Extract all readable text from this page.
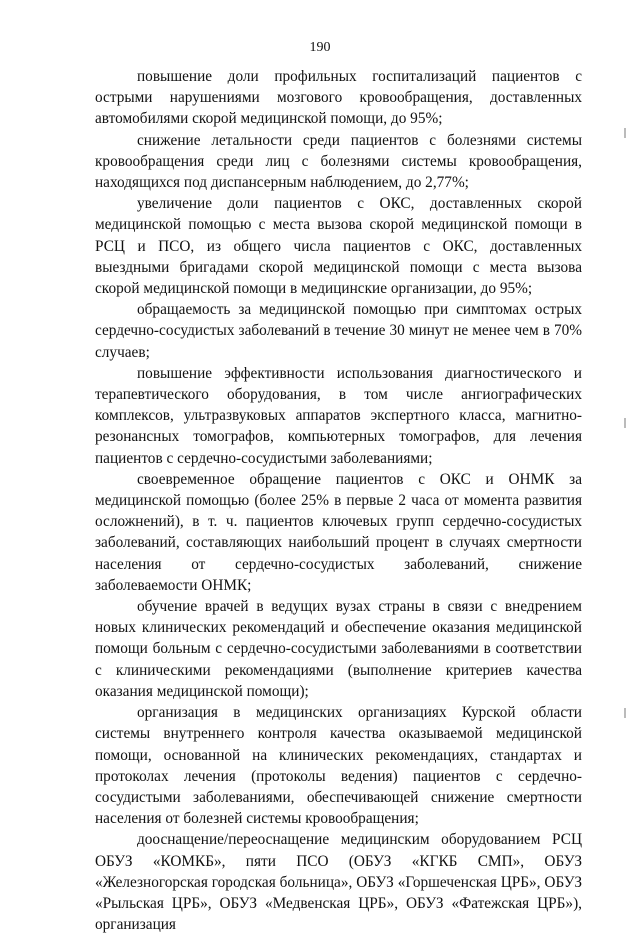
190

повышение доли профильных госпитализаций пациентов с острыми нарушениями мозгового кровообращения, доставленных автомобилями скорой медицинской помощи, до 95%;

снижение летальности среди пациентов с болезнями системы кровообращения среди лиц с болезнями системы кровообращения, находящихся под диспансерным наблюдением, до 2,77%;

увеличение доли пациентов с ОКС, доставленных скорой медицинской помощью с места вызова скорой медицинской помощи в РСЦ и ПСО, из общего числа пациентов с ОКС, доставленных выездными бригадами скорой медицинской помощи с места вызова скорой медицинской помощи в медицинские организации, до 95%;

обращаемость за медицинской помощью при симптомах острых сердечно-сосудистых заболеваний в течение 30 минут не менее чем в 70% случаев;

повышение эффективности использования диагностического и терапевтического оборудования, в том числе ангиографических комплексов, ультразвуковых аппаратов экспертного класса, магнитно-резонансных томографов, компьютерных томографов, для лечения пациентов с сердечно-сосудистыми заболеваниями;

своевременное обращение пациентов с ОКС и ОНМК за медицинской помощью (более 25% в первые 2 часа от момента развития осложнений), в т. ч. пациентов ключевых групп сердечно-сосудистых заболеваний, составляющих наибольший процент в случаях смертности населения от сердечно-сосудистых заболеваний, снижение заболеваемости ОНМК;

обучение врачей в ведущих вузах страны в связи с внедрением новых клинических рекомендаций и обеспечение оказания медицинской помощи больным с сердечно-сосудистыми заболеваниями в соответствии с клиническими рекомендациями (выполнение критериев качества оказания медицинской помощи);

организация в медицинских организациях Курской области системы внутреннего контроля качества оказываемой медицинской помощи, основанной на клинических рекомендациях, стандартах и протоколах лечения (протоколы ведения) пациентов с сердечно-сосудистыми заболеваниями, обеспечивающей снижение смертности населения от болезней системы кровообращения;

дооснащение/переоснащение медицинским оборудованием РСЦ ОБУЗ «КОМКБ», пяти ПСО (ОБУЗ «КГКБ СМП», ОБУЗ «Железногорская городская больница», ОБУЗ «Горшеченская ЦРБ», ОБУЗ «Рыльская ЦРБ», ОБУЗ «Медвенская ЦРБ», ОБУЗ «Фатежская ЦРБ»), организация
